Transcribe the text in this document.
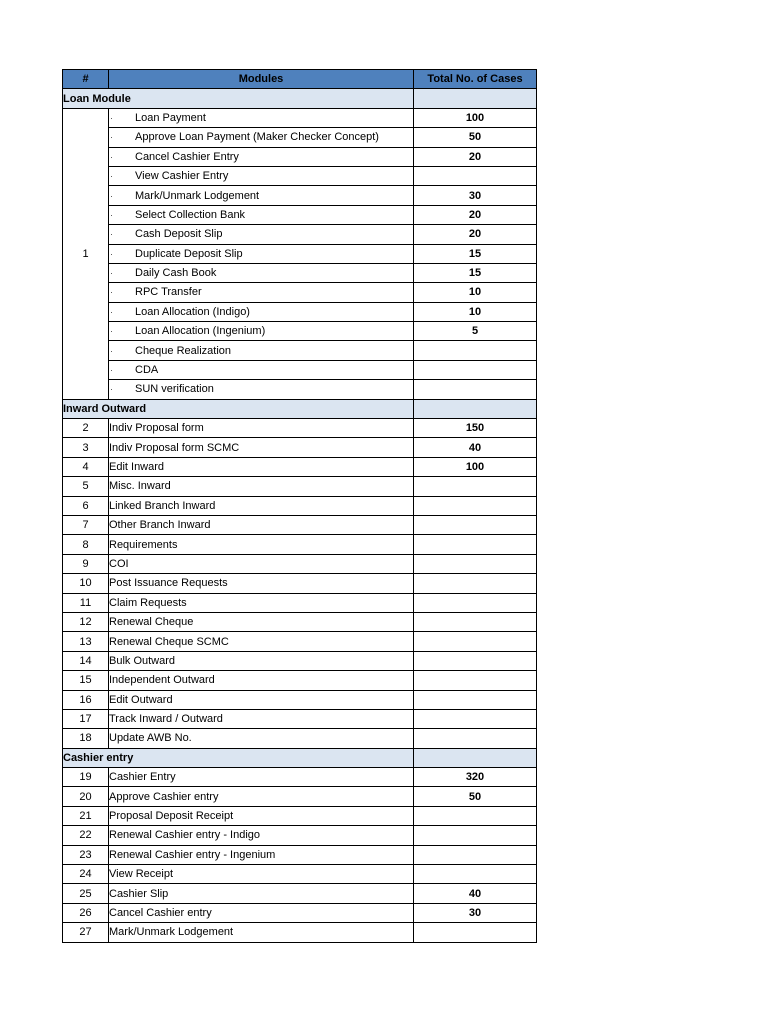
#	Modules	Total No. of Cases
Loan Module		
1	· Loan Payment	100
	· Approve Loan Payment (Maker Checker Concept)	50
	· Cancel Cashier Entry	20
	· View Cashier Entry	
	· Mark/Unmark Lodgement	30
	· Select Collection Bank	20
	· Cash Deposit Slip	20
	· Duplicate Deposit Slip	15
	· Daily Cash Book	15
	· RPC Transfer	10
	· Loan Allocation (Indigo)	10
	· Loan Allocation (Ingenium)	5
	· Cheque Realization	
	· CDA	
	· SUN verification	
Inward Outward		
2	Indiv Proposal form	150
3	Indiv Proposal form SCMC	40
4	Edit Inward	100
5	Misc. Inward	
6	Linked Branch Inward	
7	Other Branch Inward	
8	Requirements	
9	COI	
10	Post Issuance Requests	
11	Claim Requests	
12	Renewal Cheque	
13	Renewal Cheque SCMC	
14	Bulk Outward	
15	Independent Outward	
16	Edit Outward	
17	Track Inward / Outward	
18	Update AWB No.	
Cashier entry		
19	Cashier Entry	320
20	Approve Cashier entry	50
21	Proposal Deposit Receipt	
22	Renewal Cashier entry - Indigo	
23	Renewal Cashier entry - Ingenium	
24	View Receipt	
25	Cashier Slip	40
26	Cancel Cashier entry	30
27	Mark/Unmark Lodgement	
